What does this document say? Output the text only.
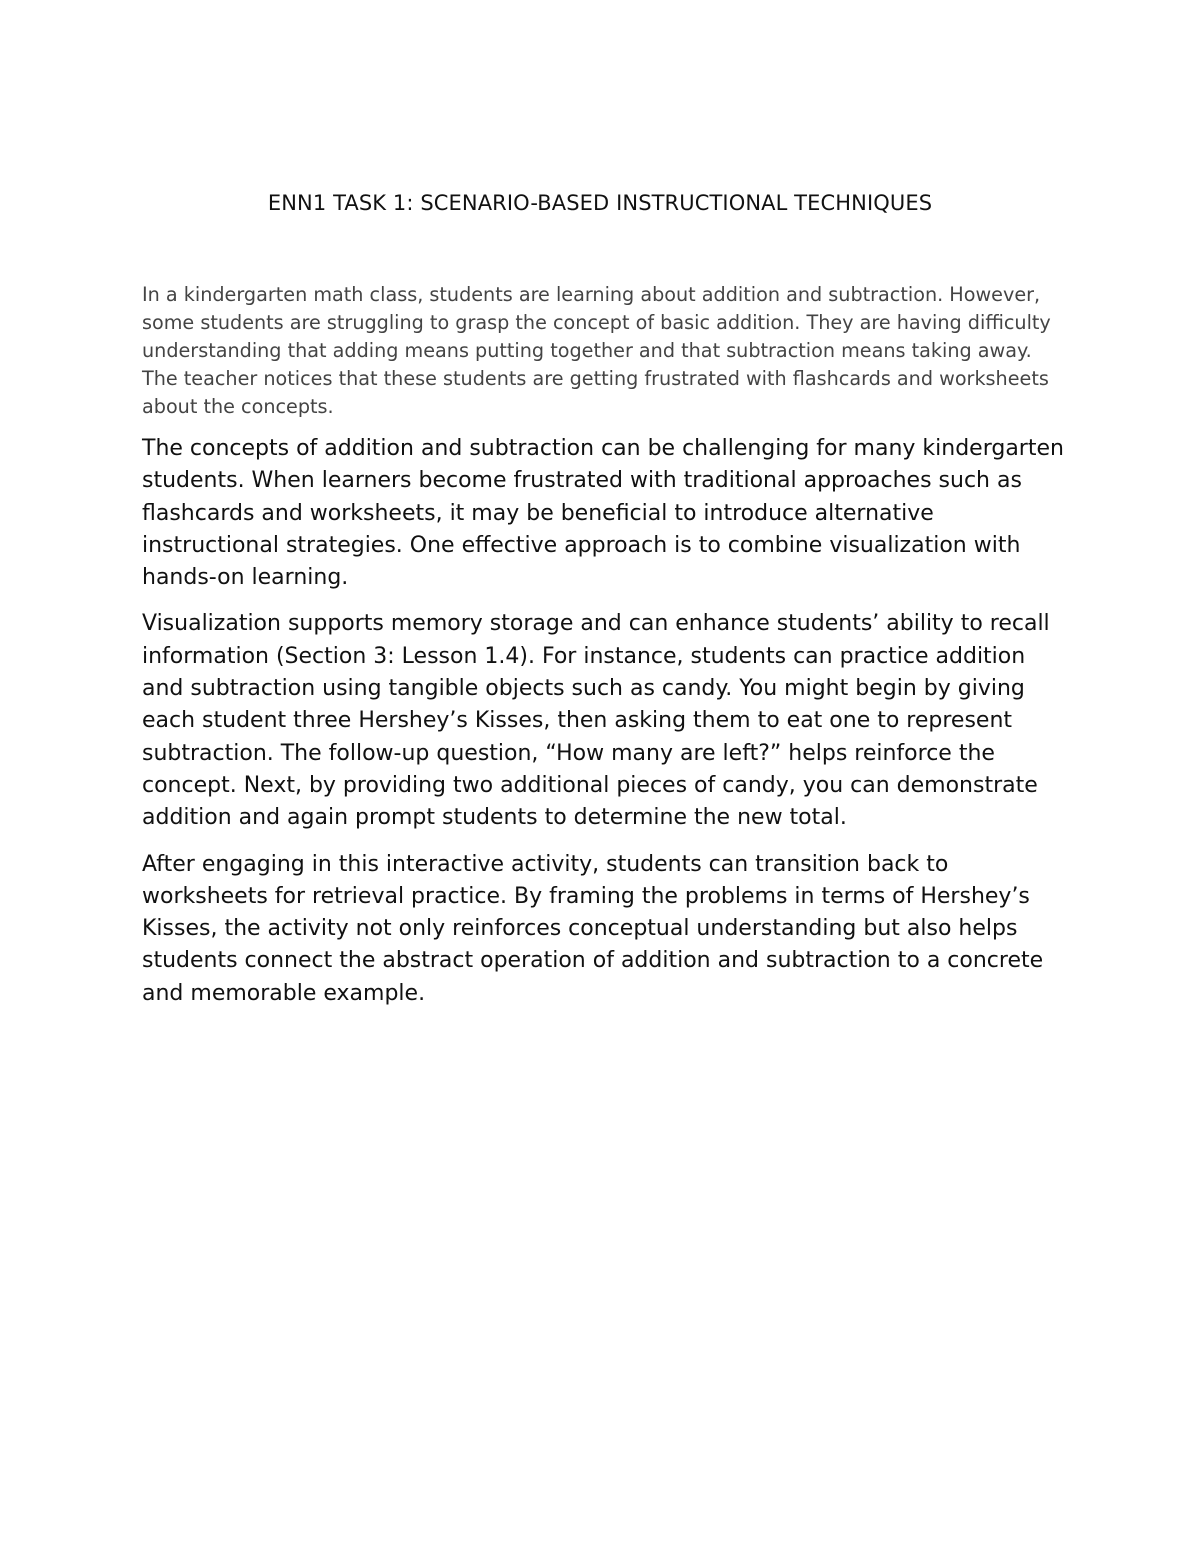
ENN1 TASK 1: SCENARIO-BASED INSTRUCTIONAL TECHNIQUES

In a kindergarten math class, students are learning about addition and subtraction. However, some students are struggling to grasp the concept of basic addition. They are having difficulty understanding that adding means putting together and that subtraction means taking away. The teacher notices that these students are getting frustrated with flashcards and worksheets about the concepts.

The concepts of addition and subtraction can be challenging for many kindergarten students. When learners become frustrated with traditional approaches such as flashcards and worksheets, it may be beneficial to introduce alternative instructional strategies. One effective approach is to combine visualization with hands-on learning.

Visualization supports memory storage and can enhance students’ ability to recall information (Section 3: Lesson 1.4). For instance, students can practice addition and subtraction using tangible objects such as candy. You might begin by giving each student three Hershey’s Kisses, then asking them to eat one to represent subtraction. The follow-up question, “How many are left?” helps reinforce the concept. Next, by providing two additional pieces of candy, you can demonstrate addition and again prompt students to determine the new total.

After engaging in this interactive activity, students can transition back to worksheets for retrieval practice. By framing the problems in terms of Hershey’s Kisses, the activity not only reinforces conceptual understanding but also helps students connect the abstract operation of addition and subtraction to a concrete and memorable example.
